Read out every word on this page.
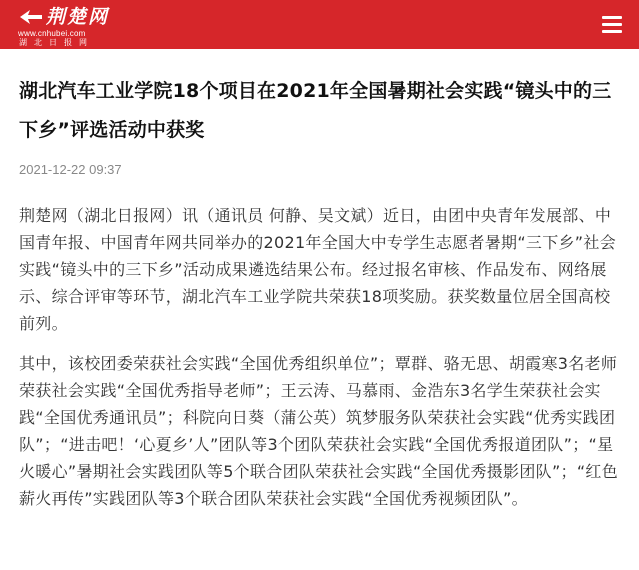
荆楚网
www.cnhubei.com
湖北日报网
湖北汽车工业学院18个项目在2021年全国暑期社会实践“镜头中的三下乡”评选活动中获奖
2021-12-22 09:37

荆楚网（湖北日报网）讯（通讯员 何静、吴文斌）近日，由团中央青年发展部、中国青年报、中国青年网共同举办的2021年全国大中专学生志愿者暑期“三下乡”社会实践“镜头中的三下乡”活动成果遴选结果公布。经过报名审核、作品发布、网络展示、综合评审等环节，湖北汽车工业学院共荣获18项奖励。获奖数量位居全国高校前列。

其中，该校团委荣获社会实践“全国优秀组织单位”；覃群、骆无思、胡霞寒3名老师荣获社会实践“全国优秀指导老师”；王云涛、马慕雨、金浩东3名学生荣获社会实践“全国优秀通讯员”；科院向日葵（蒲公英）筑梦服务队荣获社会实践“优秀实践团队”；“进击吧！‘心夏乡’人”团队等3个团队荣获社会实践“全国优秀报道团队”；“星火暖心”暑期社会实践团队等5个联合团队荣获社会实践“全国优秀摄影团队”；“红色薪火再传”实践团队等3个联合团队荣获社会实践“全国优秀视频团队”。
